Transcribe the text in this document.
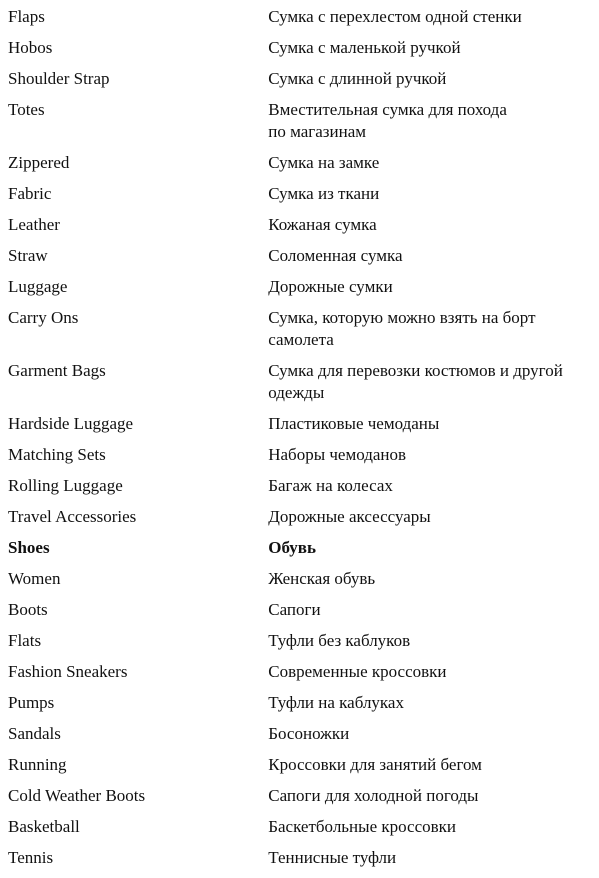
Flaps	Сумка с перехлестом одной стенки

Hobos	Сумка с маленькой ручкой

Shoulder Strap	Сумка с длинной ручкой

Totes	Вместительная сумка для похода
по магазинам

Zippered	Сумка на замке

Fabric	Сумка из ткани

Leather	Кожаная сумка

Straw	Соломенная сумка

Luggage	Дорожные сумки

Carry Ons	Сумка, которую можно взять на борт
самолета

Garment Bags	Сумка для перевозки костюмов и другой
одежды

Hardside Luggage	Пластиковые чемоданы

Matching Sets	Наборы чемоданов

Rolling Luggage	Багаж на колесах

Travel Accessories	Дорожные аксессуары

Shoes	Обувь

Women	Женская обувь

Boots	Сапоги

Flats	Туфли без каблуков

Fashion Sneakers	Современные кроссовки

Pumps	Туфли на каблуках

Sandals	Босоножки

Running	Кроссовки для занятий бегом

Cold Weather Boots	Сапоги для холодной погоды

Basketball	Баскетбольные кроссовки

Tennis	Теннисные туфли
